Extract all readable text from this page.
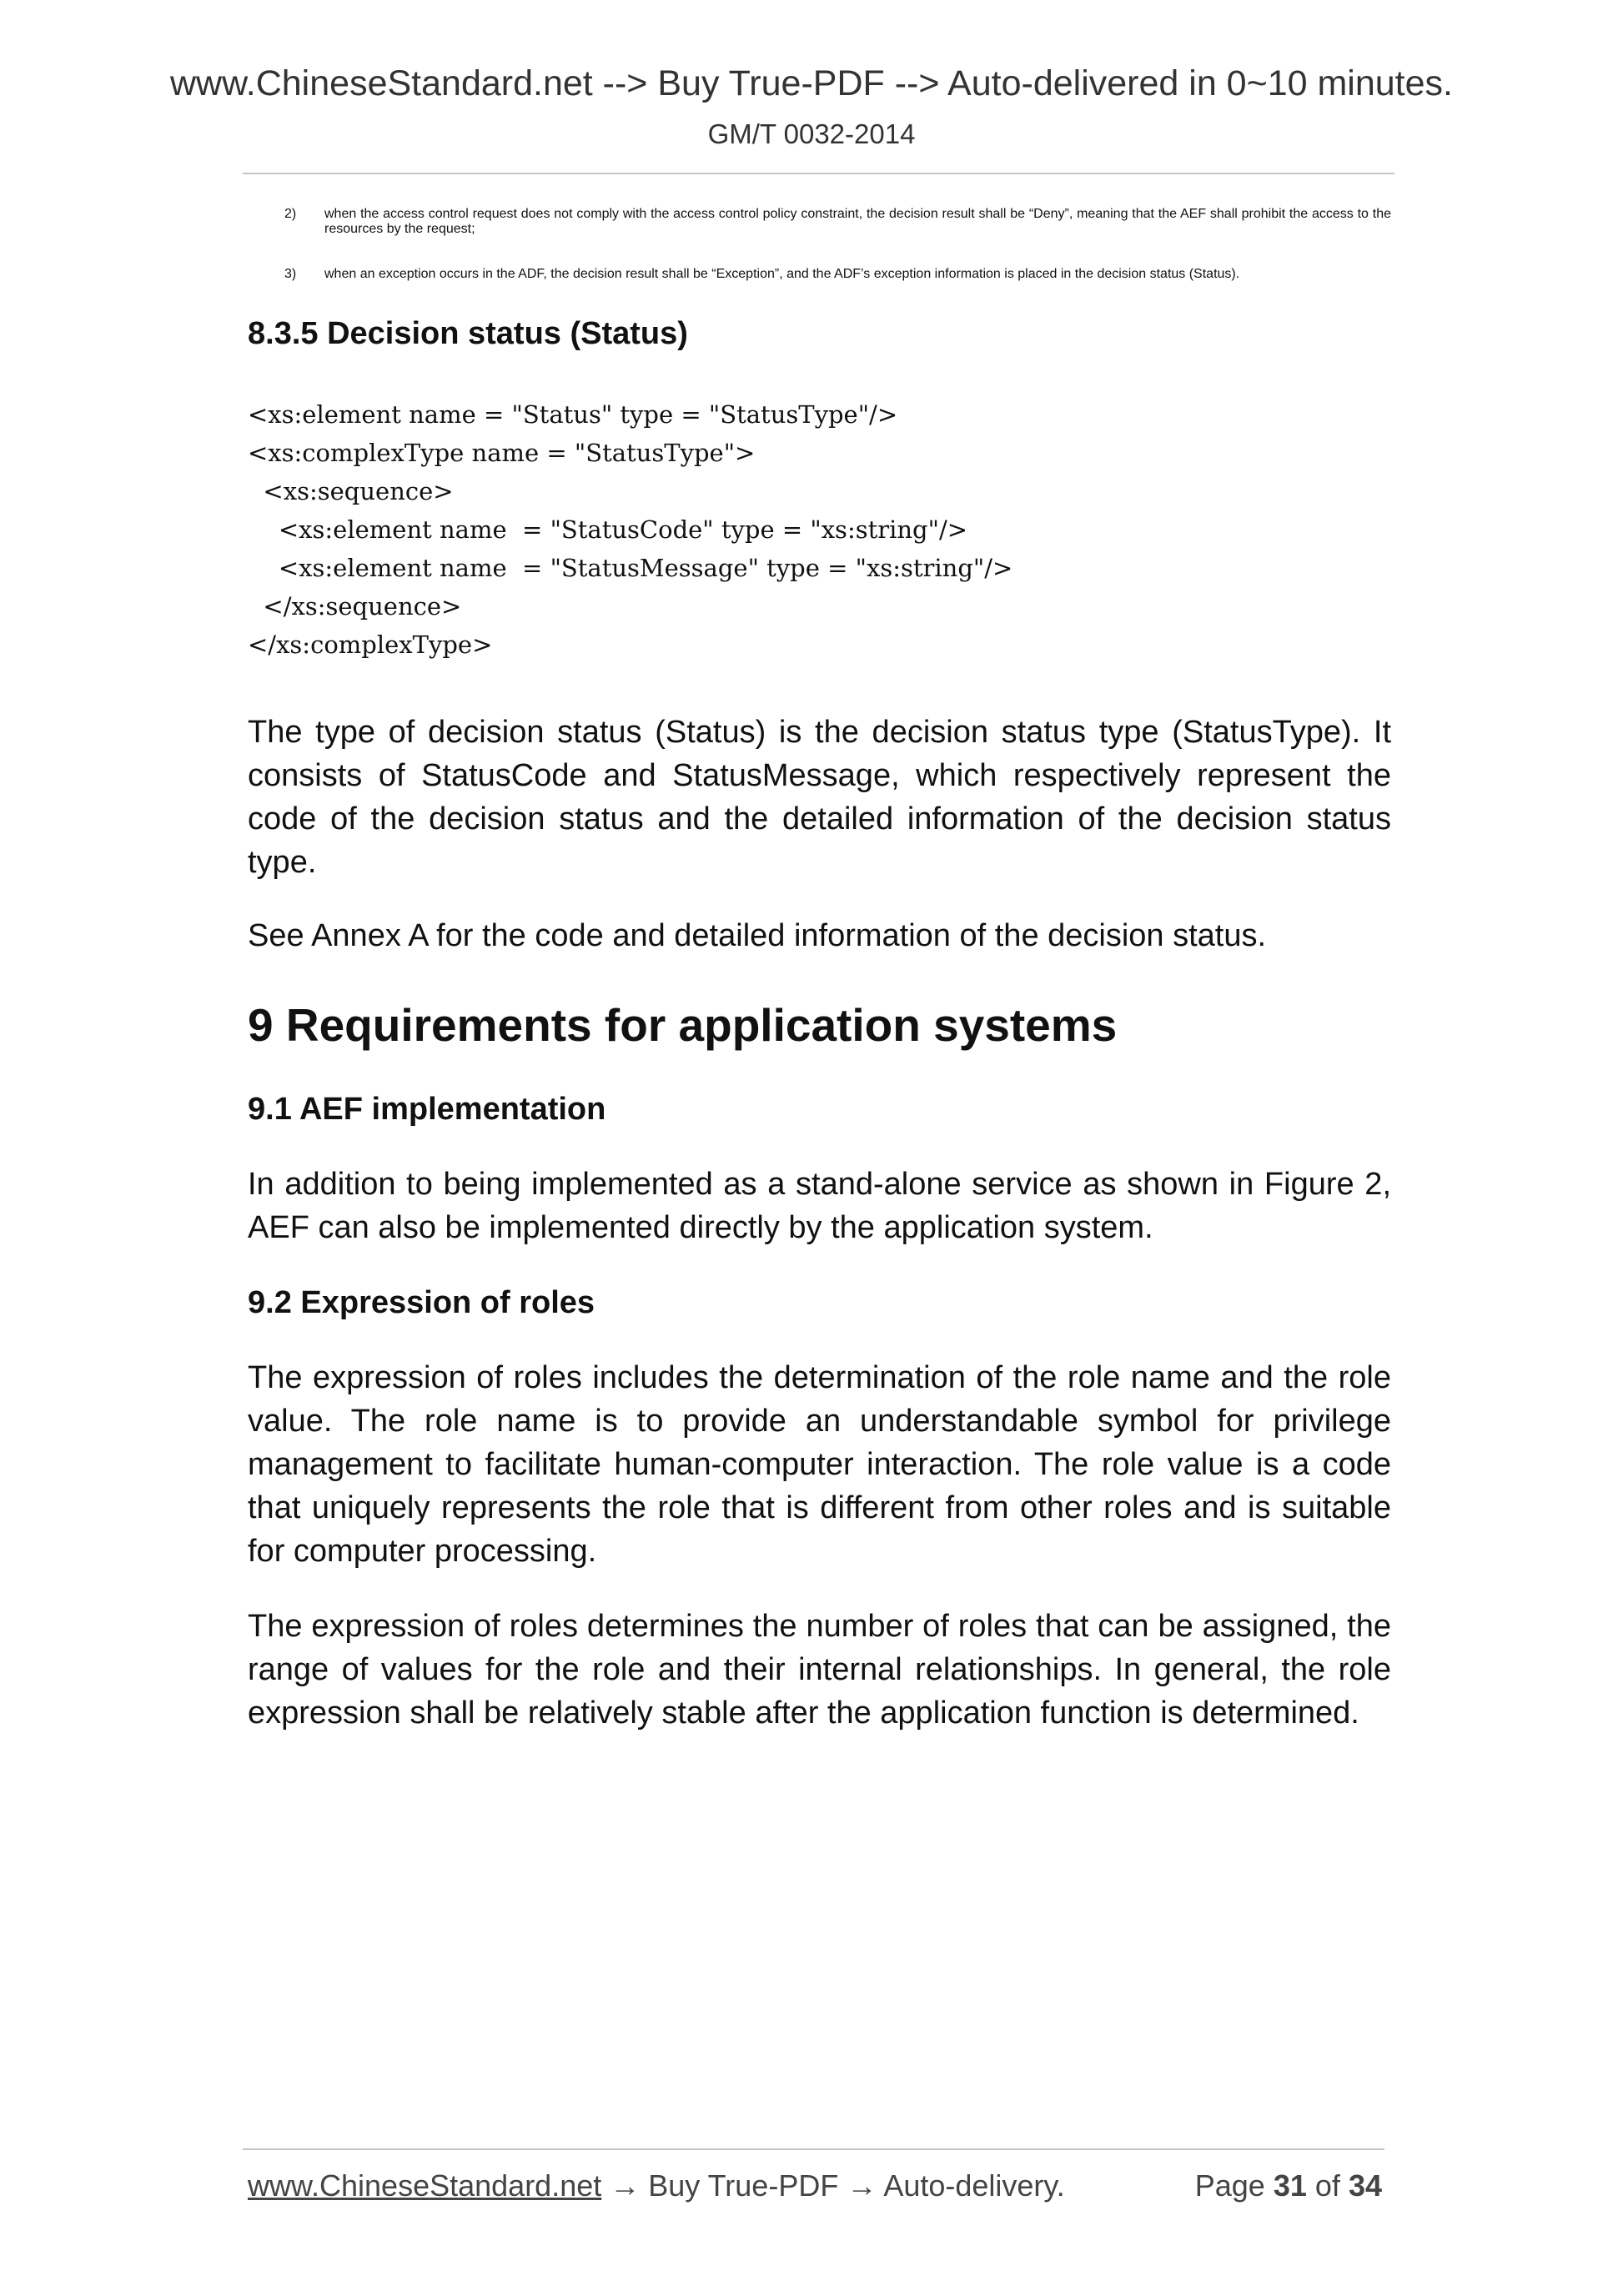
www.ChineseStandard.net --> Buy True-PDF --> Auto-delivered in 0~10 minutes.
GM/T 0032-2014
2)	when the access control request does not comply with the access control policy constraint, the decision result shall be “Deny”, meaning that the AEF shall prohibit the access to the resources by the request;
3)	when an exception occurs in the ADF, the decision result shall be “Exception”, and the ADF’s exception information is placed in the decision status (Status).
8.3.5 Decision status (Status)
<xs:element name = "Status" type = "StatusType"/>
<xs:complexType name = "StatusType">
<xs:sequence>
<xs:element name  = "StatusCode" type = "xs:string"/>
<xs:element name  = "StatusMessage" type = "xs:string"/>
</xs:sequence>
</xs:complexType>

The type of decision status (Status) is the decision status type (StatusType). It consists of StatusCode and StatusMessage, which respectively represent the code of the decision status and the detailed information of the decision status type.

See Annex A for the code and detailed information of the decision status.

9 Requirements for application systems
9.1 AEF implementation

In addition to being implemented as a stand-alone service as shown in Figure 2, AEF can also be implemented directly by the application system.

9.2 Expression of roles

The expression of roles includes the determination of the role name and the role value. The role name is to provide an understandable symbol for privilege management to facilitate human-computer interaction. The role value is a code that uniquely represents the role that is different from other roles and is suitable for computer processing.

The expression of roles determines the number of roles that can be assigned, the range of values for the role and their internal relationships. In general, the role expression shall be relatively stable after the application function is determined.

www.ChineseStandard.net → Buy True-PDF → Auto-delivery.	Page 31 of 34
